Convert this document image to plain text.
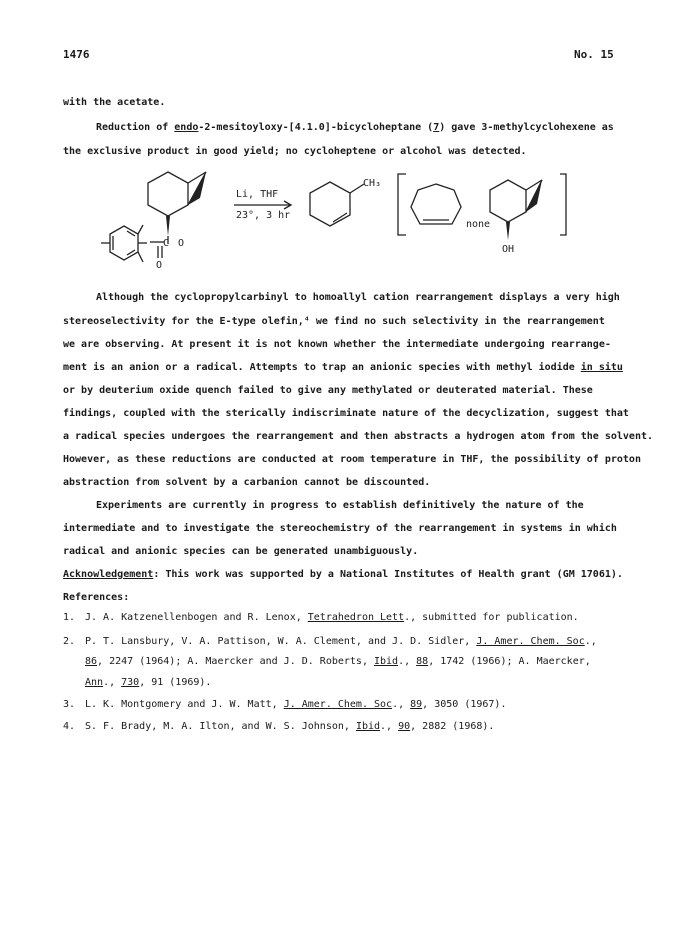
1476	No. 15
with the acetate.
Reduction of endo-2-mesitoyloxy-[4.1.0]-bicycloheptane (7) gave 3-methylcyclohexene as
the exclusive product in good yield; no cycloheptene or alcohol was detected.
Li, THF
23°, 3 hr
CH₃
C O
O
none
OH
Although the cyclopropylcarbinyl to homoallyl cation rearrangement displays a very high
stereoselectivity for the E-type olefin,⁴ we find no such selectivity in the rearrangement
we are observing. At present it is not known whether the intermediate undergoing rearrange-
ment is an anion or a radical. Attempts to trap an anionic species with methyl iodide in situ
or by deuterium oxide quench failed to give any methylated or deuterated material. These
findings, coupled with the sterically indiscriminate nature of the decyclization, suggest that
a radical species undergoes the rearrangement and then abstracts a hydrogen atom from the solvent.
However, as these reductions are conducted at room temperature in THF, the possibility of proton
abstraction from solvent by a carbanion cannot be discounted.
Experiments are currently in progress to establish definitively the nature of the
intermediate and to investigate the stereochemistry of the rearrangement in systems in which
radical and anionic species can be generated unambiguously.
Acknowledgement: This work was supported by a National Institutes of Health grant (GM 17061).
References:
1. J. A. Katzenellenbogen and R. Lenox, Tetrahedron Lett., submitted for publication.
2. P. T. Lansbury, V. A. Pattison, W. A. Clement, and J. D. Sidler, J. Amer. Chem. Soc.,
86, 2247 (1964); A. Maercker and J. D. Roberts, Ibid., 88, 1742 (1966); A. Maercker,
Ann., 730, 91 (1969).
3. L. K. Montgomery and J. W. Matt, J. Amer. Chem. Soc., 89, 3050 (1967).
4. S. F. Brady, M. A. Ilton, and W. S. Johnson, Ibid., 90, 2882 (1968).
